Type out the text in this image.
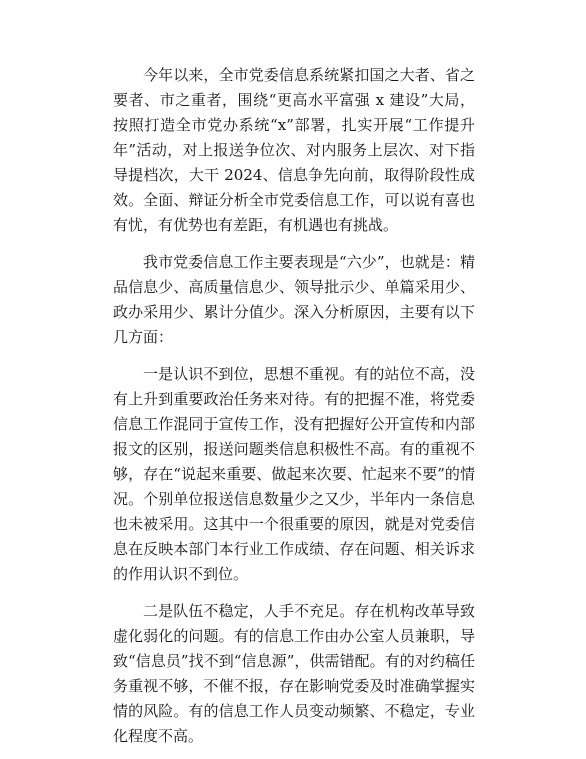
今年以来，全市党委信息系统紧扣国之大者、省之要者、市之重者，围绕“更高水平富强 x 建设”大局，按照打造全市党办系统“x”部署，扎实开展“工作提升年”活动，对上报送争位次、对内服务上层次、对下指导提档次，大干 2024、信息争先向前，取得阶段性成效。全面、辩证分析全市党委信息工作，可以说有喜也有忧，有优势也有差距，有机遇也有挑战。

我市党委信息工作主要表现是“六少”，也就是：精品信息少、高质量信息少、领导批示少、单篇采用少、政办采用少、累计分值少。深入分析原因，主要有以下几方面：

一是认识不到位，思想不重视。有的站位不高，没有上升到重要政治任务来对待。有的把握不准，将党委信息工作混同于宣传工作，没有把握好公开宣传和内部报文的区别，报送问题类信息积极性不高。有的重视不够，存在“说起来重要、做起来次要、忙起来不要”的情况。个别单位报送信息数量少之又少，半年内一条信息也未被采用。这其中一个很重要的原因，就是对党委信息在反映本部门本行业工作成绩、存在问题、相关诉求的作用认识不到位。

二是队伍不稳定，人手不充足。存在机构改革导致虚化弱化的问题。有的信息工作由办公室人员兼职，导致“信息员”找不到“信息源”，供需错配。有的对约稿任务重视不够，不催不报，存在影响党委及时准确掌握实情的风险。有的信息工作人员变动频繁、不稳定，专业化程度不高。
